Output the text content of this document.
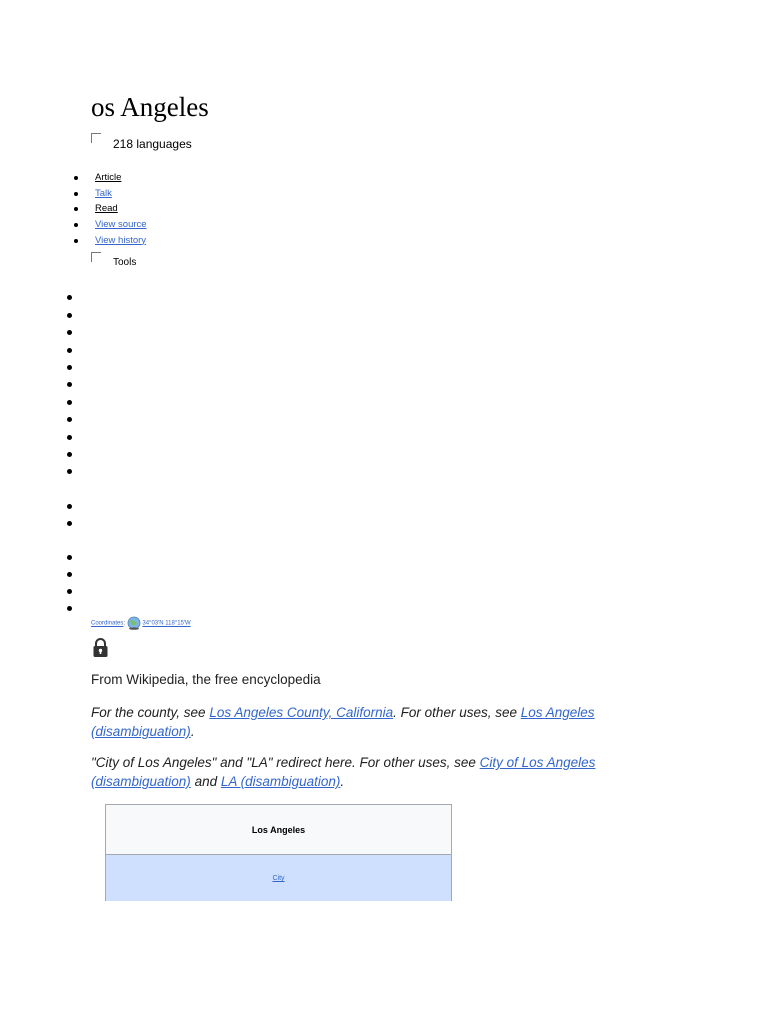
os Angeles
218 languages
Article
Talk
Read
View source
View history
Tools
Coordinates:	34°03′N 118°15′W
From Wikipedia, the free encyclopedia
For the county, see Los Angeles County, California. For other uses, see Los Angeles (disambiguation).
"City of Los Angeles" and "LA" redirect here. For other uses, see City of Los Angeles (disambiguation) and LA (disambiguation).
Los Angeles
City
